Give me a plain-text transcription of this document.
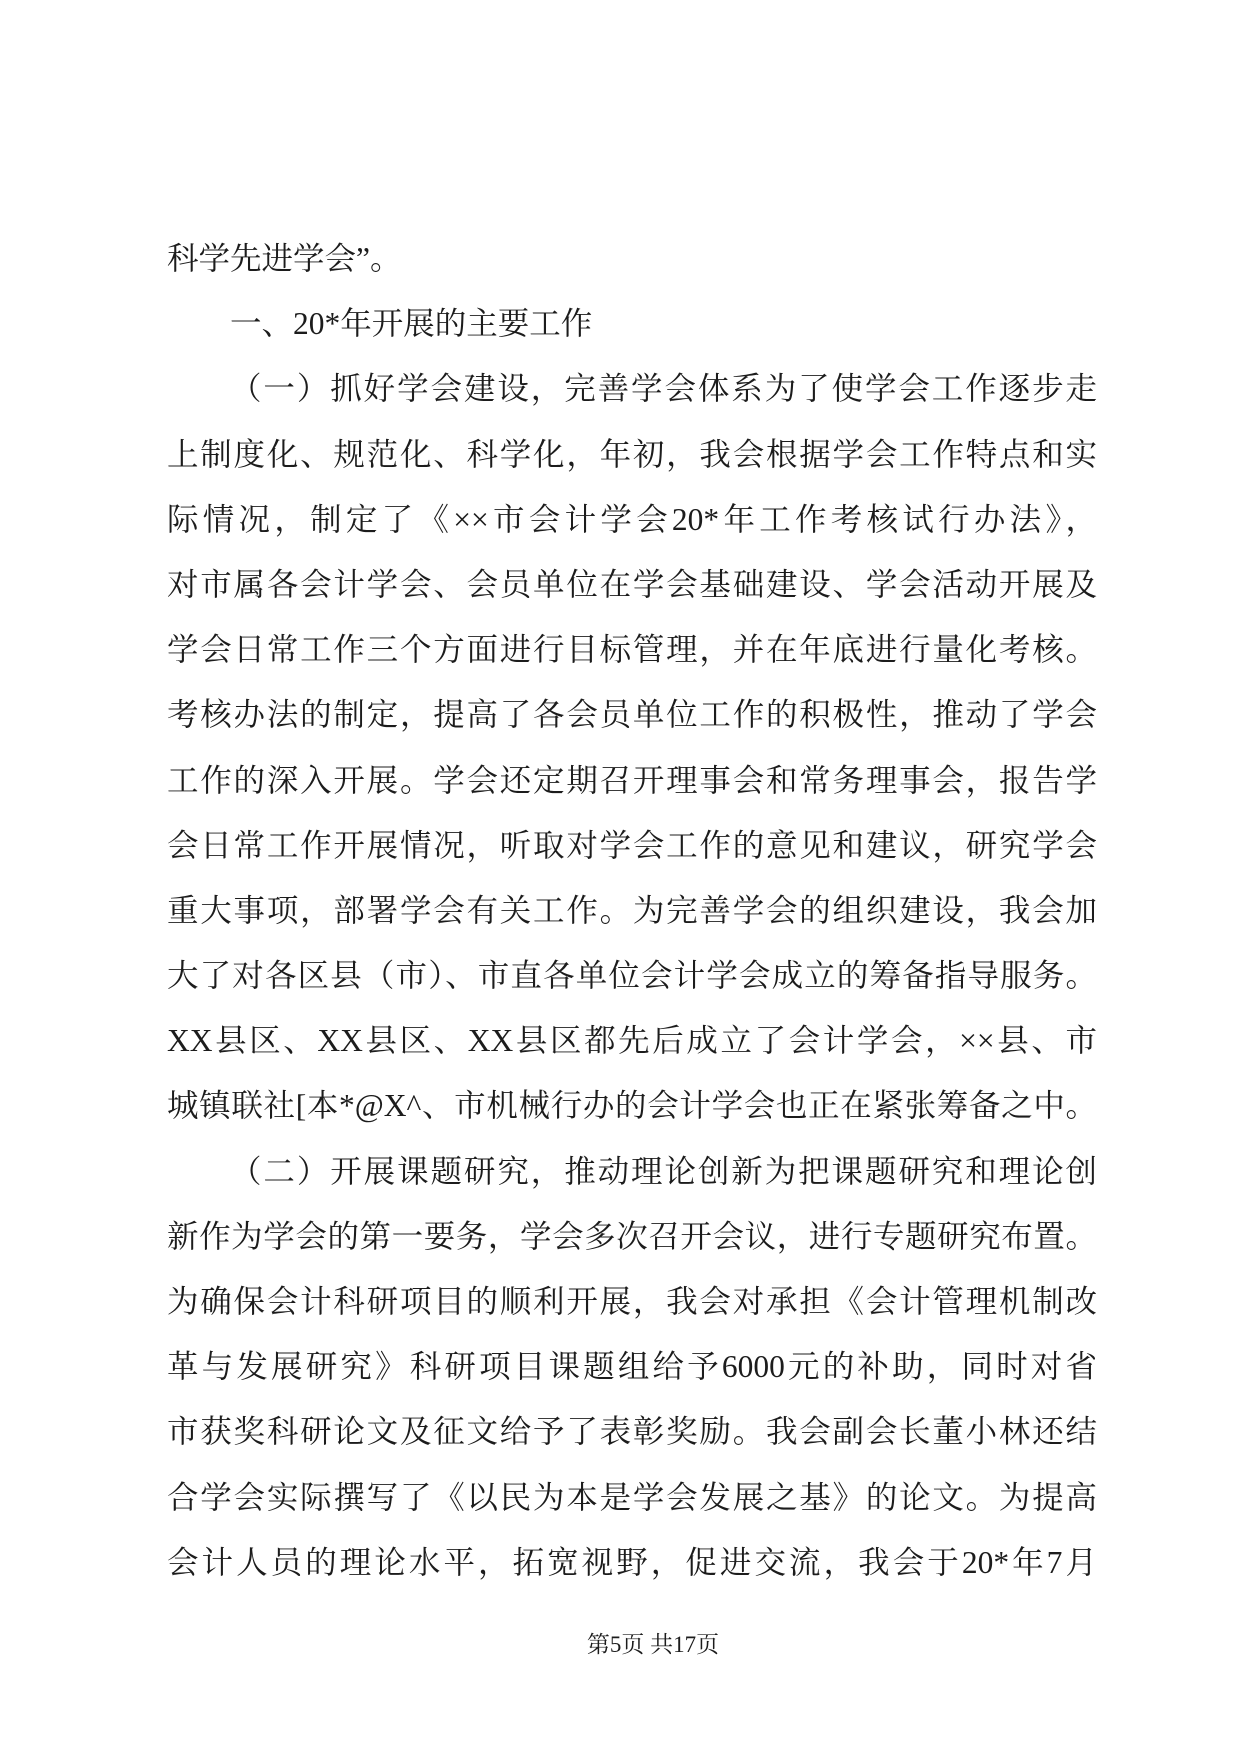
科学先进学会”。
一、20*年开展的主要工作
（一）抓好学会建设，完善学会体系为了使学会工作逐步走
上制度化、规范化、科学化，年初，我会根据学会工作特点和实
际情况，制定了《××市会计学会20*年工作考核试行办法》，
对市属各会计学会、会员单位在学会基础建设、学会活动开展及
学会日常工作三个方面进行目标管理，并在年底进行量化考核。
考核办法的制定，提高了各会员单位工作的积极性，推动了学会
工作的深入开展。学会还定期召开理事会和常务理事会，报告学
会日常工作开展情况，听取对学会工作的意见和建议，研究学会
重大事项，部署学会有关工作。为完善学会的组织建设，我会加
大了对各区县（市）、市直各单位会计学会成立的筹备指导服务。
XX县区、XX县区、XX县区都先后成立了会计学会，××县、市
城镇联社[本*@X^、市机械行办的会计学会也正在紧张筹备之中。
（二）开展课题研究，推动理论创新为把课题研究和理论创
新作为学会的第一要务，学会多次召开会议，进行专题研究布置。
为确保会计科研项目的顺利开展，我会对承担《会计管理机制改
革与发展研究》科研项目课题组给予6000元的补助，同时对省
市获奖科研论文及征文给予了表彰奖励。我会副会长董小林还结
合学会实际撰写了《以民为本是学会发展之基》的论文。为提高
会计人员的理论水平，拓宽视野，促进交流，我会于20*年7月
第5页 共17页
